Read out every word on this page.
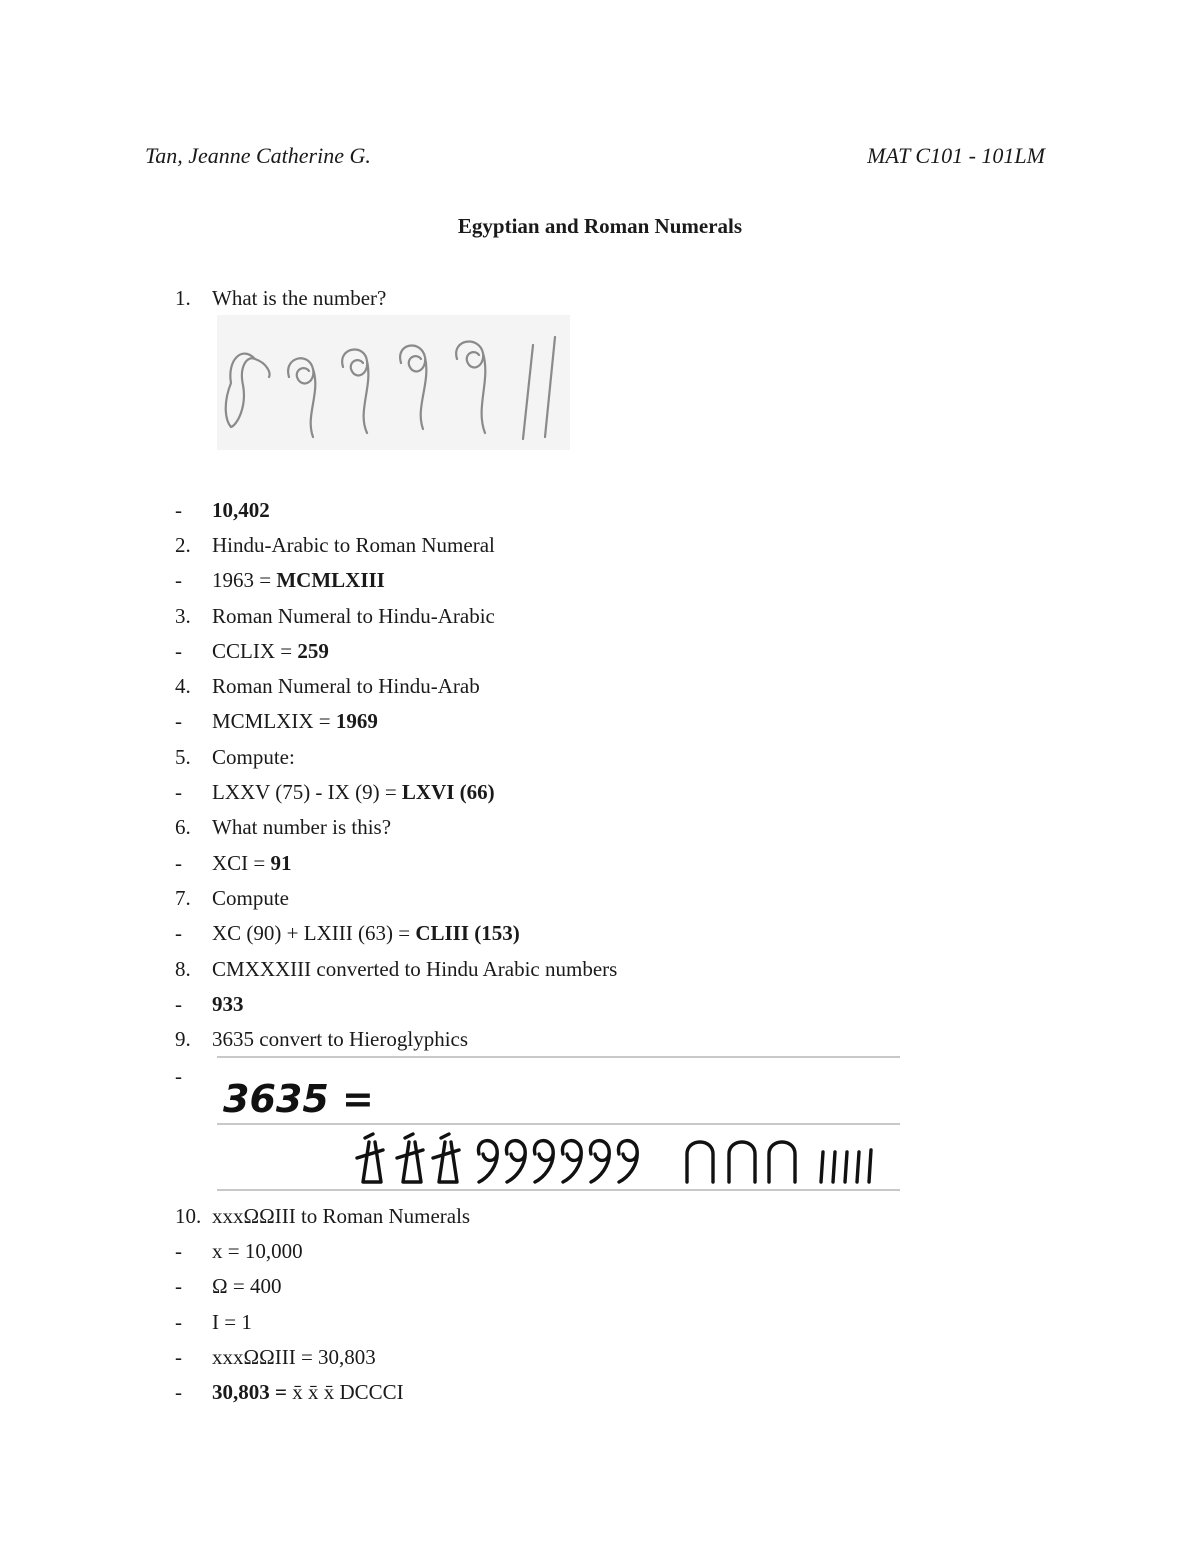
Tan, Jeanne Catherine G.	MAT C101 - 101LM
Egyptian and Roman Numerals
1. What is the number?
- 10,402
2. Hindu-Arabic to Roman Numeral
- 1963 = MCMLXIII
3. Roman Numeral to Hindu-Arabic
- CCLIX = 259
4. Roman Numeral to Hindu-Arab
- MCMLXIX = 1969
5. Compute:
- LXXV (75) - IX (9) = LXVI (66)
6. What number is this?
- XCI = 91
7. Compute
- XC (90) + LXIII (63) = CLIII (153)
8. CMXXXIII converted to Hindu Arabic numbers
- 933
9. 3635 convert to Hieroglyphics
-
3635 =
10. xxxΩΩIII to Roman Numerals
- x = 10,000
- Ω = 400
- I = 1
- xxxΩΩIII = 30,803
- 30,803 = x̄ x̄ x̄ DCCCI
